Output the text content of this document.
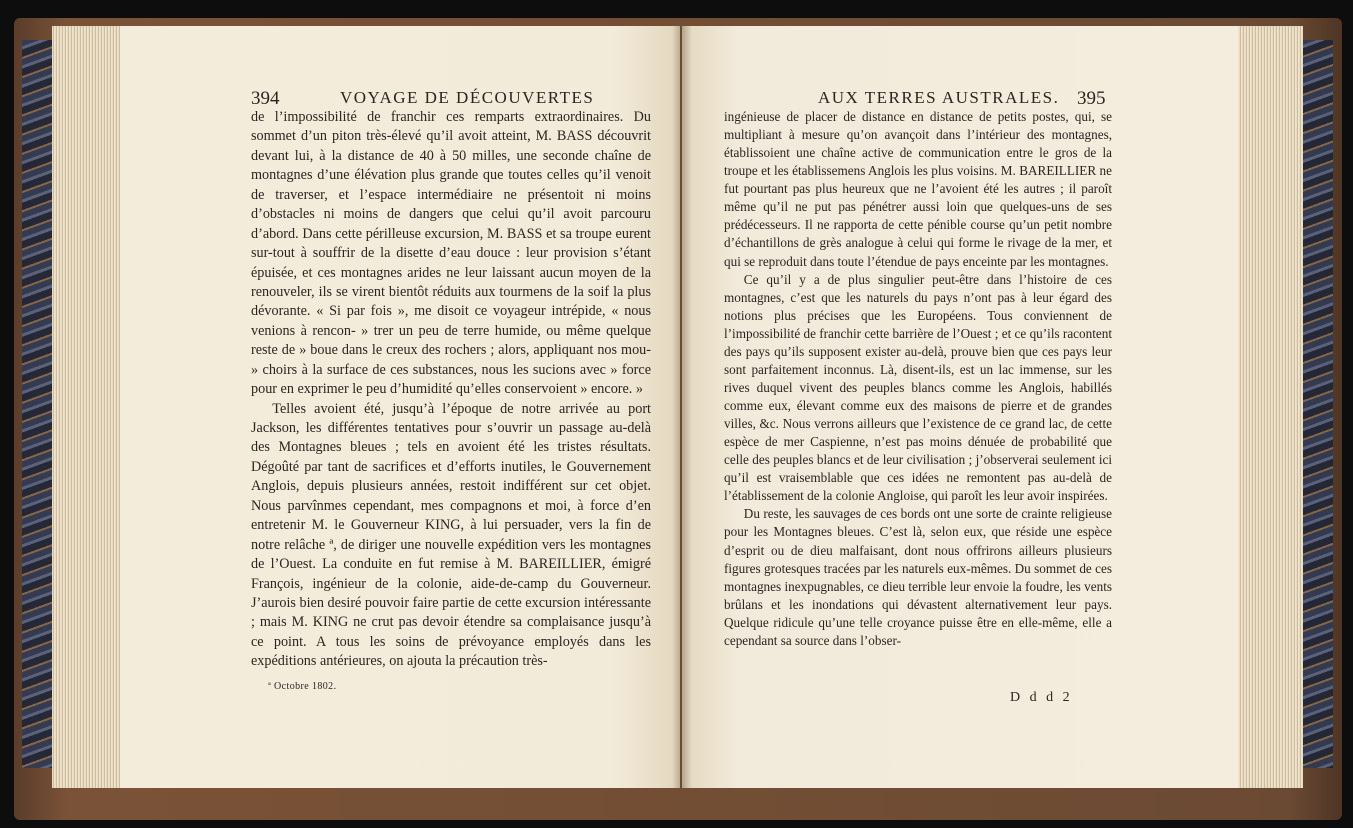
394	VOYAGE DE DÉCOUVERTES

de l’impossibilité de franchir ces remparts extraordinaires. Du sommet d’un piton très-élevé qu’il avoit atteint, M. BASS découvrit devant lui, à la distance de 40 à 50 milles, une seconde chaîne de montagnes d’une élévation plus grande que toutes celles qu’il venoit de traverser, et l’espace intermédiaire ne présentoit ni moins d’obstacles ni moins de dangers que celui qu’il avoit parcouru d’abord. Dans cette périlleuse excursion, M. BASS et sa troupe eurent sur-tout à souffrir de la disette d’eau douce : leur provision s’étant épuisée, et ces montagnes arides ne leur laissant aucun moyen de la renouveler, ils se virent bientôt réduits aux tourmens de la soif la plus dévorante. « Si par fois », me disoit ce voyageur intrépide, « nous venions à rencon- » trer un peu de terre humide, ou même quelque reste de » boue dans le creux des rochers ; alors, appliquant nos mou- » choirs à la surface de ces substances, nous les sucions avec » force pour en exprimer le peu d’humidité qu’elles conservoient » encore. »

Telles avoient été, jusqu’à l’époque de notre arrivée au port Jackson, les différentes tentatives pour s’ouvrir un passage au-delà des Montagnes bleues ; tels en avoient été les tristes résultats. Dégoûté par tant de sacrifices et d’efforts inutiles, le Gouvernement Anglois, depuis plusieurs années, restoit indifférent sur cet objet. Nous parvînmes cependant, mes compagnons et moi, à force d’en entretenir M. le Gouverneur KING, à lui persuader, vers la fin de notre relâche ª, de diriger une nouvelle expédition vers les montagnes de l’Ouest. La conduite en fut remise à M. BAREILLIER, émigré François, ingénieur de la colonie, aide-de-camp du Gouverneur. J’aurois bien desiré pouvoir faire partie de cette excursion intéressante ; mais M. KING ne crut pas devoir étendre sa complaisance jusqu’à ce point. A tous les soins de prévoyance employés dans les expéditions antérieures, on ajouta la précaution très-

ª Octobre 1802.
AUX TERRES AUSTRALES. 395

ingénieuse de placer de distance en distance de petits postes, qui, se multipliant à mesure qu’on avançoit dans l’intérieur des montagnes, établissoient une chaîne active de communication entre le gros de la troupe et les établissemens Anglois les plus voisins. M. BAREILLIER ne fut pourtant pas plus heureux que ne l’avoient été les autres ; il paroît même qu’il ne put pas pénétrer aussi loin que quelques-uns de ses prédécesseurs. Il ne rapporta de cette pénible course qu’un petit nombre d’échantillons de grès analogue à celui qui forme le rivage de la mer, et qui se reproduit dans toute l’étendue de pays enceinte par les montagnes.

Ce qu’il y a de plus singulier peut-être dans l’histoire de ces montagnes, c’est que les naturels du pays n’ont pas à leur égard des notions plus précises que les Européens. Tous conviennent de l’impossibilité de franchir cette barrière de l’Ouest ; et ce qu’ils racontent des pays qu’ils supposent exister au-delà, prouve bien que ces pays leur sont parfaitement inconnus. Là, disent-ils, est un lac immense, sur les rives duquel vivent des peuples blancs comme les Anglois, habillés comme eux, élevant comme eux des maisons de pierre et de grandes villes, &c. Nous verrons ailleurs que l’existence de ce grand lac, de cette espèce de mer Caspienne, n’est pas moins dénuée de probabilité que celle des peuples blancs et de leur civilisation ; j’observerai seulement ici qu’il est vraisemblable que ces idées ne remontent pas au-delà de l’établissement de la colonie Angloise, qui paroît les leur avoir inspirées.

Du reste, les sauvages de ces bords ont une sorte de crainte religieuse pour les Montagnes bleues. C’est là, selon eux, que réside une espèce d’esprit ou de dieu malfaisant, dont nous offrirons ailleurs plusieurs figures grotesques tracées par les naturels eux-mêmes. Du sommet de ces montagnes inexpugnables, ce dieu terrible leur envoie la foudre, les vents brûlans et les inondations qui dévastent alternativement leur pays. Quelque ridicule qu’une telle croyance puisse être en elle-même, elle a cependant sa source dans l’obser-

D d d 2
